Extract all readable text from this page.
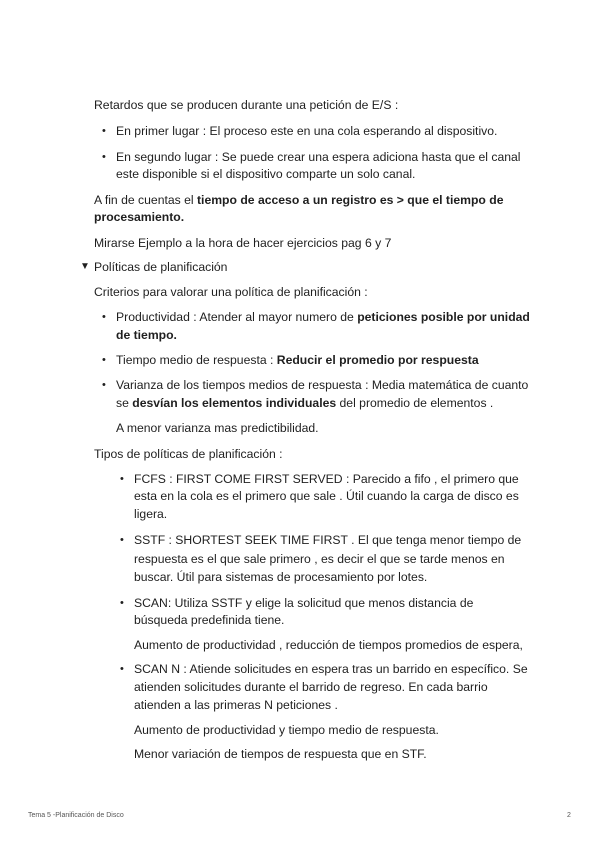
Retardos que se producen durante una petición de E/S :
• En primer lugar : El proceso este en una cola esperando al dispositivo.
• En segundo lugar : Se puede crear una espera adiciona hasta que el canal
este disponible si el dispositivo comparte un solo canal.
A fin de cuentas el tiempo de acceso a un registro es > que el tiempo de
procesamiento.
Mirarse Ejemplo a la hora de hacer ejercicios pag 6 y 7
▼ Políticas de planificación
Criterios para valorar una política de planificación :
• Productividad : Atender al mayor numero de peticiones posible por unidad
de tiempo.
• Tiempo medio de respuesta : Reducir el promedio por respuesta
• Varianza de los tiempos medios de respuesta : Media matemática de cuanto
se desvían los elementos individuales del promedio de elementos .
A menor varianza mas predictibilidad.
Tipos de políticas de planificación :
• FCFS : FIRST COME FIRST SERVED : Parecido a fifo , el primero que
esta en la cola es el primero que sale . Útil cuando la carga de disco es
ligera.
• SSTF : SHORTEST SEEK TIME FIRST . El que tenga menor tiempo de
respuesta es el que sale primero , es decir el que se tarde menos en
buscar. Útil para sistemas de procesamiento por lotes.
• SCAN: Utiliza SSTF y elige la solicitud que menos distancia de
búsqueda predefinida tiene.
Aumento de productividad , reducción de tiempos promedios de espera,
• SCAN N : Atiende solicitudes en espera tras un barrido en específico. Se
atienden solicitudes durante el barrido de regreso. En cada barrio
atienden a las primeras N peticiones .
Aumento de productividad y tiempo medio de respuesta.
Menor variación de tiempos de respuesta que en STF.
Tema 5 -Planificación de Disco	2
